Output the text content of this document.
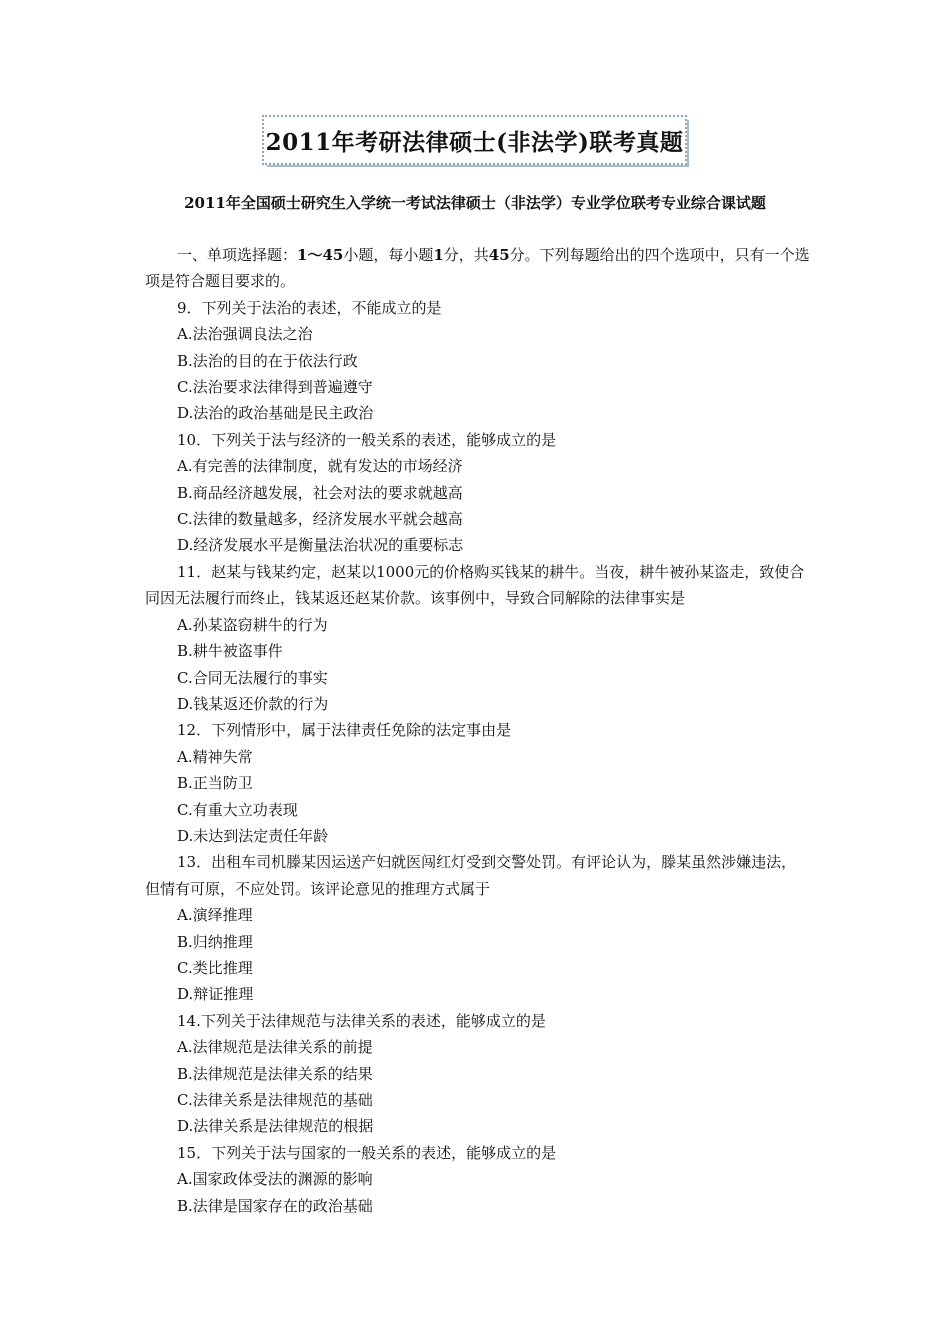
2011年考研法律硕士(非法学)联考真题
2011年全国硕士研究生入学统一考试法律硕士（非法学）专业学位联考专业综合课试题

一、单项选择题：1～45小题，每小题1分，共45分。下列每题给出的四个选项中，只有一个选项是符合题目要求的。

9．下列关于法治的表述，不能成立的是

A.法治强调良法之治

B.法治的目的在于依法行政

C.法治要求法律得到普遍遵守

D.法治的政治基础是民主政治

10．下列关于法与经济的一般关系的表述，能够成立的是

A.有完善的法律制度，就有发达的市场经济

B.商品经济越发展，社会对法的要求就越高

C.法律的数量越多，经济发展水平就会越高

D.经济发展水平是衡量法治状况的重要标志

11．赵某与钱某约定，赵某以1000元的价格购买钱某的耕牛。当夜，耕牛被孙某盗走，致使合同因无法履行而终止，钱某返还赵某价款。该事例中，导致合同解除的法律事实是

A.孙某盗窃耕牛的行为

B.耕牛被盗事件

C.合同无法履行的事实

D.钱某返还价款的行为

12．下列情形中，属于法律责任免除的法定事由是

A.精神失常

B.正当防卫

C.有重大立功表现

D.未达到法定责任年龄

13．出租车司机滕某因运送产妇就医闯红灯受到交警处罚。有评论认为，滕某虽然涉嫌违法，但情有可原，不应处罚。该评论意见的推理方式属于

A.演绎推理

B.归纳推理

C.类比推理

D.辩证推理

14.下列关于法律规范与法律关系的表述，能够成立的是

A.法律规范是法律关系的前提

B.法律规范是法律关系的结果

C.法律关系是法律规范的基础

D.法律关系是法律规范的根据

15．下列关于法与国家的一般关系的表述，能够成立的是

A.国家政体受法的渊源的影响

B.法律是国家存在的政治基础
